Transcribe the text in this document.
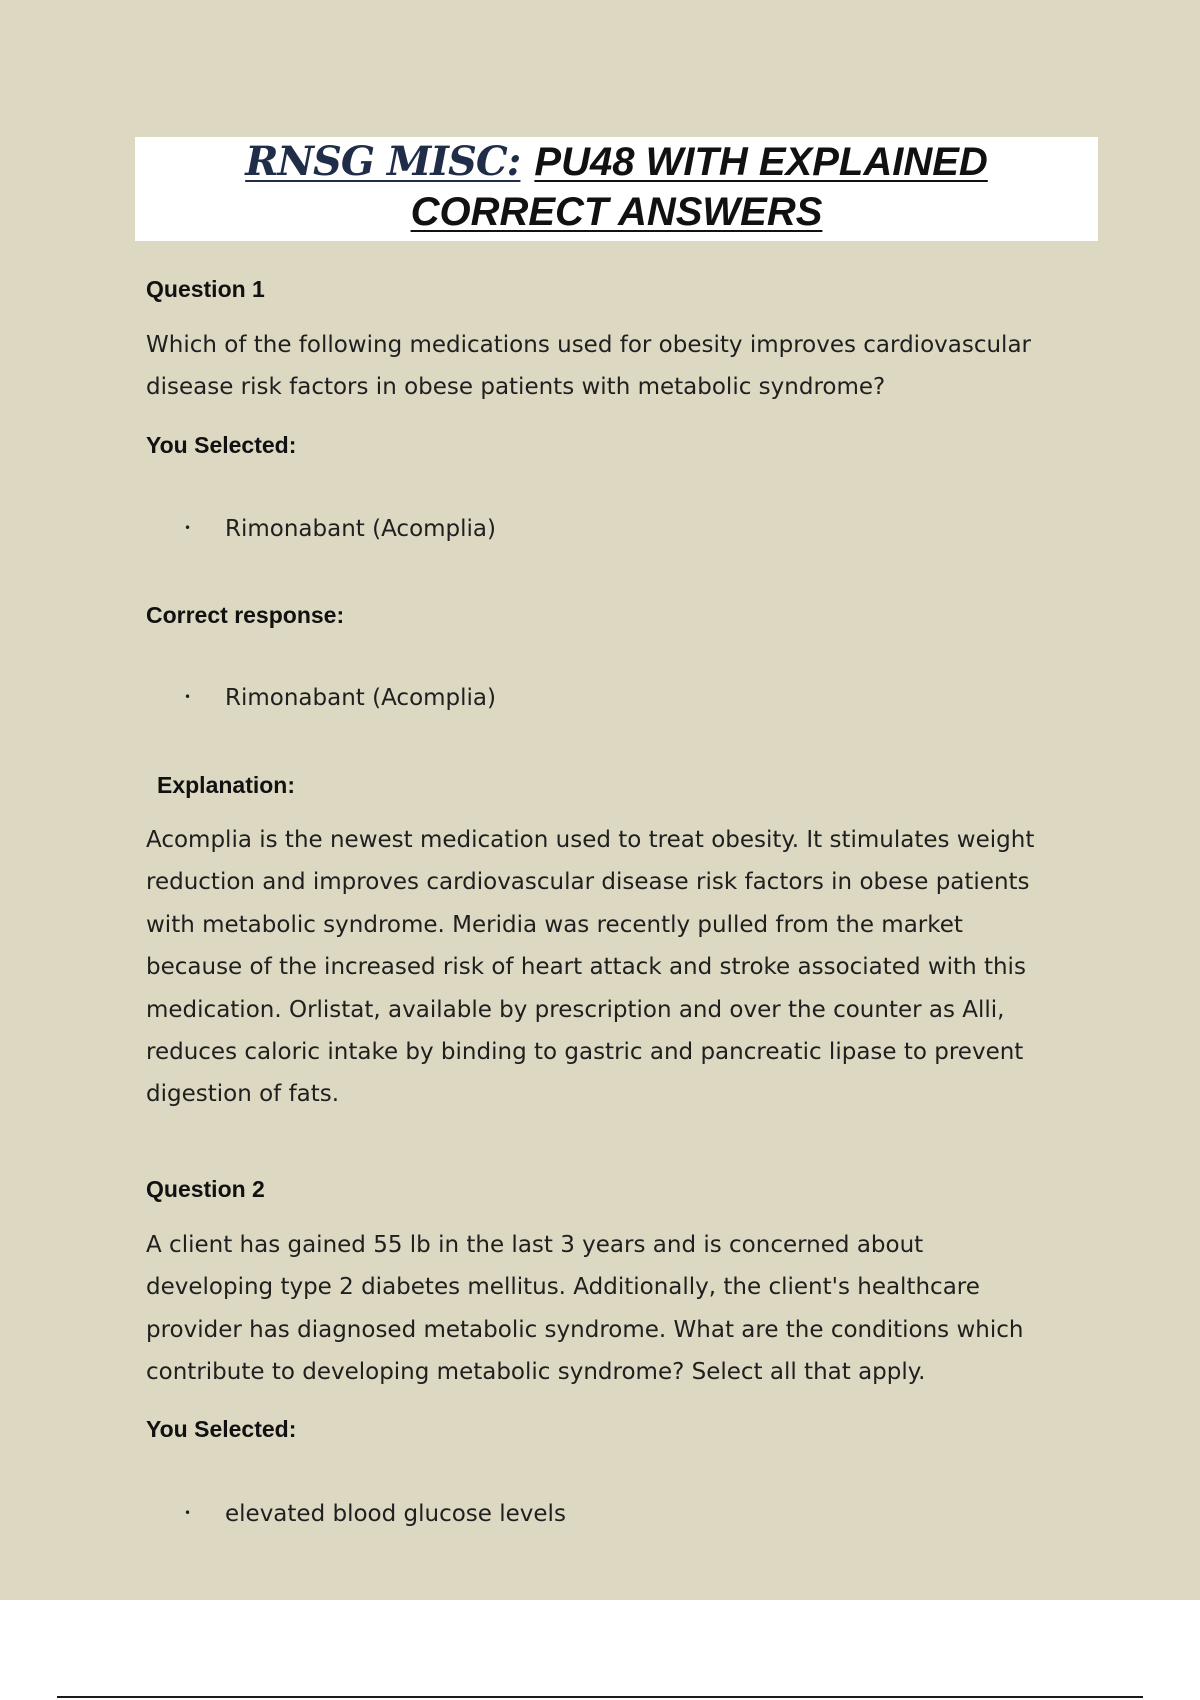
RNSG MISC: PU48 WITH EXPLAINED
CORRECT ANSWERS
Question 1
Which of the following medications used for obesity improves cardiovascular
disease risk factors in obese patients with metabolic syndrome?
You Selected:
• Rimonabant (Acomplia)
Correct response:
• Rimonabant (Acomplia)
Explanation:
Acomplia is the newest medication used to treat obesity. It stimulates weight
reduction and improves cardiovascular disease risk factors in obese patients
with metabolic syndrome. Meridia was recently pulled from the market
because of the increased risk of heart attack and stroke associated with this
medication. Orlistat, available by prescription and over the counter as Alli,
reduces caloric intake by binding to gastric and pancreatic lipase to prevent
digestion of fats.
Question 2
A client has gained 55 lb in the last 3 years and is concerned about
developing type 2 diabetes mellitus. Additionally, the client's healthcare
provider has diagnosed metabolic syndrome. What are the conditions which
contribute to developing metabolic syndrome? Select all that apply.
You Selected:
• elevated blood glucose levels
